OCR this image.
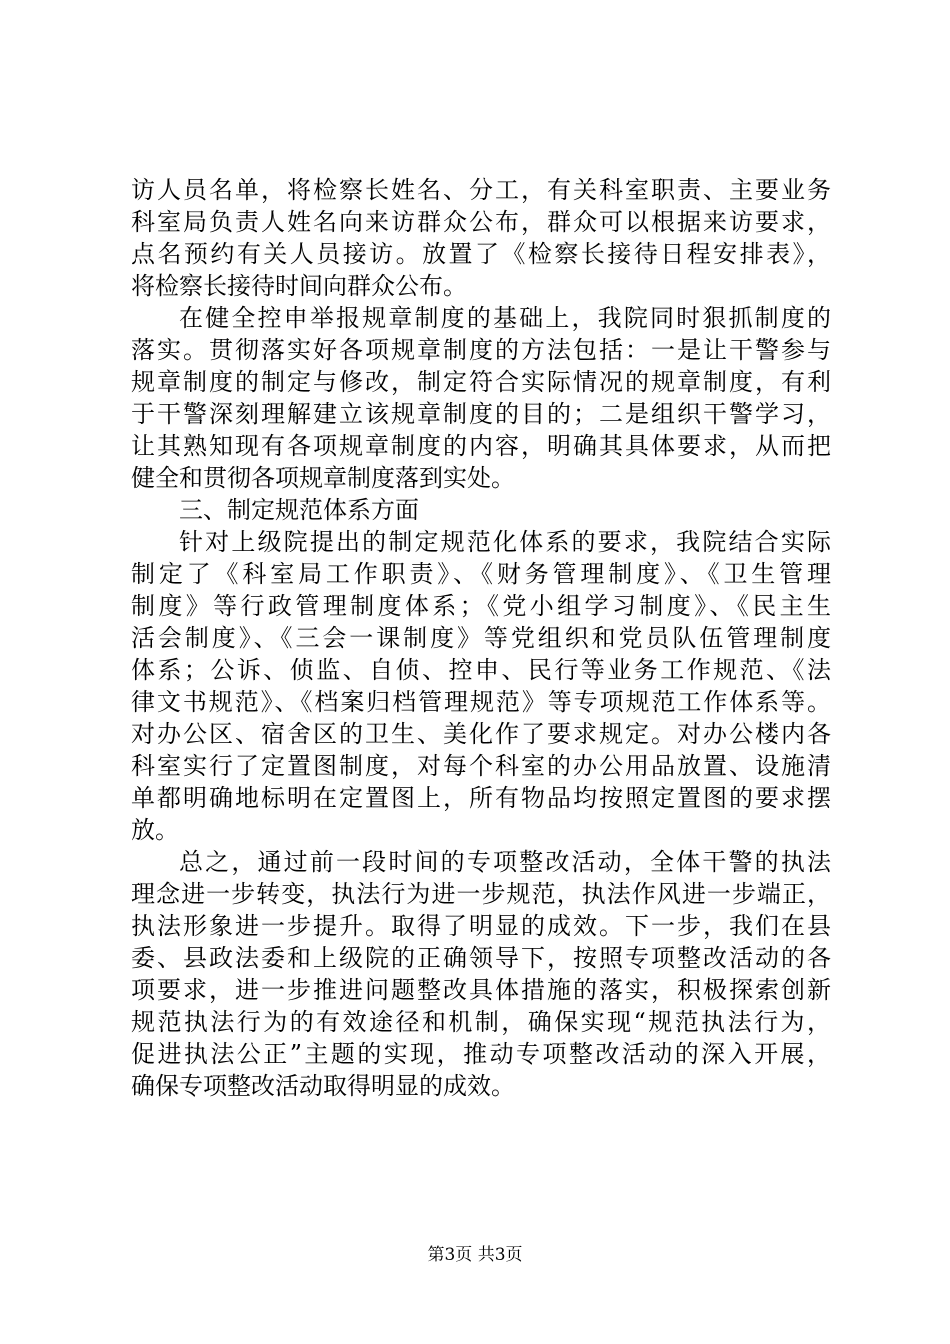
访人员名单，将检察长姓名、分工，有关科室职责、主要业务
科室局负责人姓名向来访群众公布，群众可以根据来访要求，
点名预约有关人员接访。放置了《检察长接待日程安排表》，
将检察长接待时间向群众公布。
在健全控申举报规章制度的基础上，我院同时狠抓制度的
落实。贯彻落实好各项规章制度的方法包括：一是让干警参与
规章制度的制定与修改，制定符合实际情况的规章制度，有利
于干警深刻理解建立该规章制度的目的；二是组织干警学习，
让其熟知现有各项规章制度的内容，明确其具体要求，从而把
健全和贯彻各项规章制度落到实处。
三、制定规范体系方面
针对上级院提出的制定规范化体系的要求，我院结合实际
制定了《科室局工作职责》、《财务管理制度》、《卫生管理
制度》等行政管理制度体系；《党小组学习制度》、《民主生
活会制度》、《三会一课制度》等党组织和党员队伍管理制度
体系；公诉、侦监、自侦、控申、民行等业务工作规范、《法
律文书规范》、《档案归档管理规范》等专项规范工作体系等。
对办公区、宿舍区的卫生、美化作了要求规定。对办公楼内各
科室实行了定置图制度，对每个科室的办公用品放置、设施清
单都明确地标明在定置图上，所有物品均按照定置图的要求摆
放。
总之，通过前一段时间的专项整改活动，全体干警的执法
理念进一步转变，执法行为进一步规范，执法作风进一步端正，
执法形象进一步提升。取得了明显的成效。下一步，我们在县
委、县政法委和上级院的正确领导下，按照专项整改活动的各
项要求，进一步推进问题整改具体措施的落实，积极探索创新
规范执法行为的有效途径和机制，确保实现“规范执法行为，
促进执法公正”主题的实现，推动专项整改活动的深入开展，
确保专项整改活动取得明显的成效。
第3页 共3页
